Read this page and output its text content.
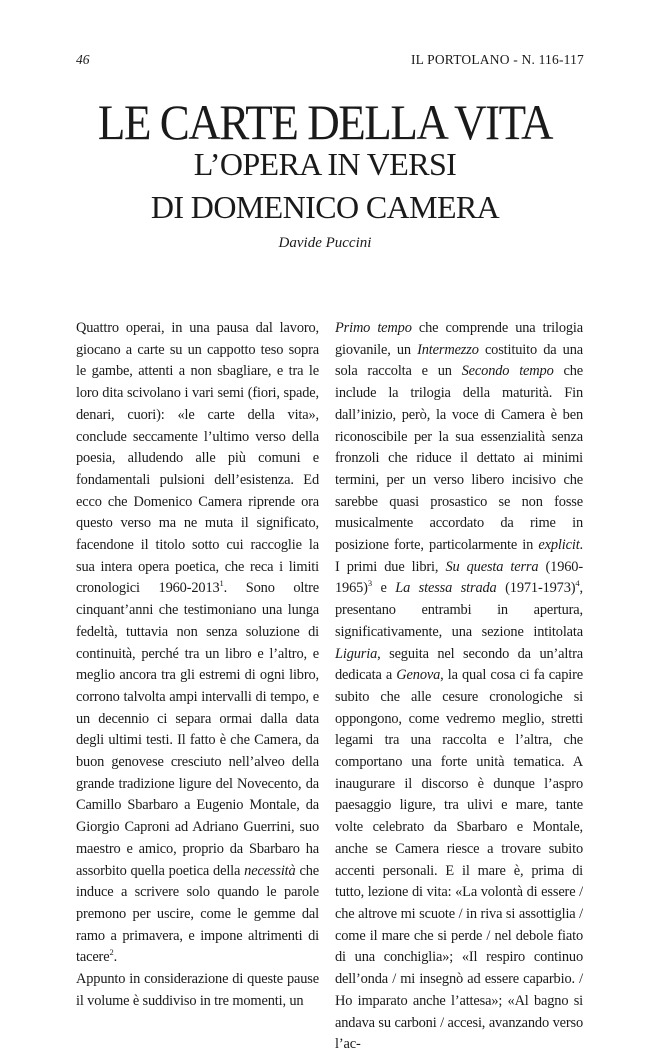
46	IL PORTOLANO - N. 116-117
LE CARTE DELLA VITA
L’OPERA IN VERSI
DI DOMENICO CAMERA
Davide Puccini

Quattro operai, in una pausa dal lavoro, giocano a carte su un cappotto teso sopra le gambe, attenti a non sbagliare, e tra le loro dita scivolano i vari semi (fiori, spade, denari, cuori): «le carte della vita», conclude seccamente l’ultimo verso della poesia, alludendo alle più comuni e fondamentali pulsioni dell’esistenza. Ed ecco che Domenico Camera riprende ora questo verso ma ne muta il significato, facendone il titolo sotto cui raccoglie la sua intera opera poetica, che reca i limiti cronologici 1960-2013$^1$. Sono oltre cinquant’anni che testimoniano una lunga fedeltà, tuttavia non senza soluzione di continuità, perché tra un libro e l’altro, e meglio ancora tra gli estremi di ogni libro, corrono talvolta ampi intervalli di tempo, e un decennio ci separa ormai dalla data degli ultimi testi. Il fatto è che Camera, da buon genovese cresciuto nell’alveo della grande tradizione ligure del Novecento, da Camillo Sbarbaro a Eugenio Montale, da Giorgio Caproni ad Adriano Guerrini, suo maestro e amico, proprio da Sbarbaro ha assorbito quella poetica della necessità che induce a scrivere solo quando le parole premono per uscire, come le gemme dal ramo a primavera, e impone altrimenti di tacere$^2$.

Appunto in considerazione di queste pause il volume è suddiviso in tre momenti, un

Primo tempo che comprende una trilogia giovanile, un Intermezzo costituito da una sola raccolta e un Secondo tempo che include la trilogia della maturità. Fin dall’inizio, però, la voce di Camera è ben riconoscibile per la sua essenzialità senza fronzoli che riduce il dettato ai minimi termini, per un verso libero incisivo che sarebbe quasi prosastico se non fosse musicalmente accordato da rime in posizione forte, particolarmente in explicit. I primi due libri, Su questa terra (1960-1965)$^3$ e La stessa strada (1971-1973)$^4$, presentano entrambi in apertura, significativamente, una sezione intitolata Liguria, seguita nel secondo da un’altra dedicata a Genova, la qual cosa ci fa capire subito che alle cesure cronologiche si oppongono, come vedremo meglio, stretti legami tra una raccolta e l’altra, che comportano una forte unità tematica. A inaugurare il discorso è dunque l’aspro paesaggio ligure, tra ulivi e mare, tante volte celebrato da Sbarbaro e Montale, anche se Camera riesce a trovare subito accenti personali. E il mare è, prima di tutto, lezione di vita: «La volontà di essere / che altrove mi scuote / in riva si assottiglia / come il mare che si perde / nel debole fiato di una conchiglia»; «Il respiro continuo dell’onda / mi insegnò ad essere caparbio. / Ho imparato anche l’attesa»; «Al bagno si andava su carboni / accesi, avanzando verso l’ac-
